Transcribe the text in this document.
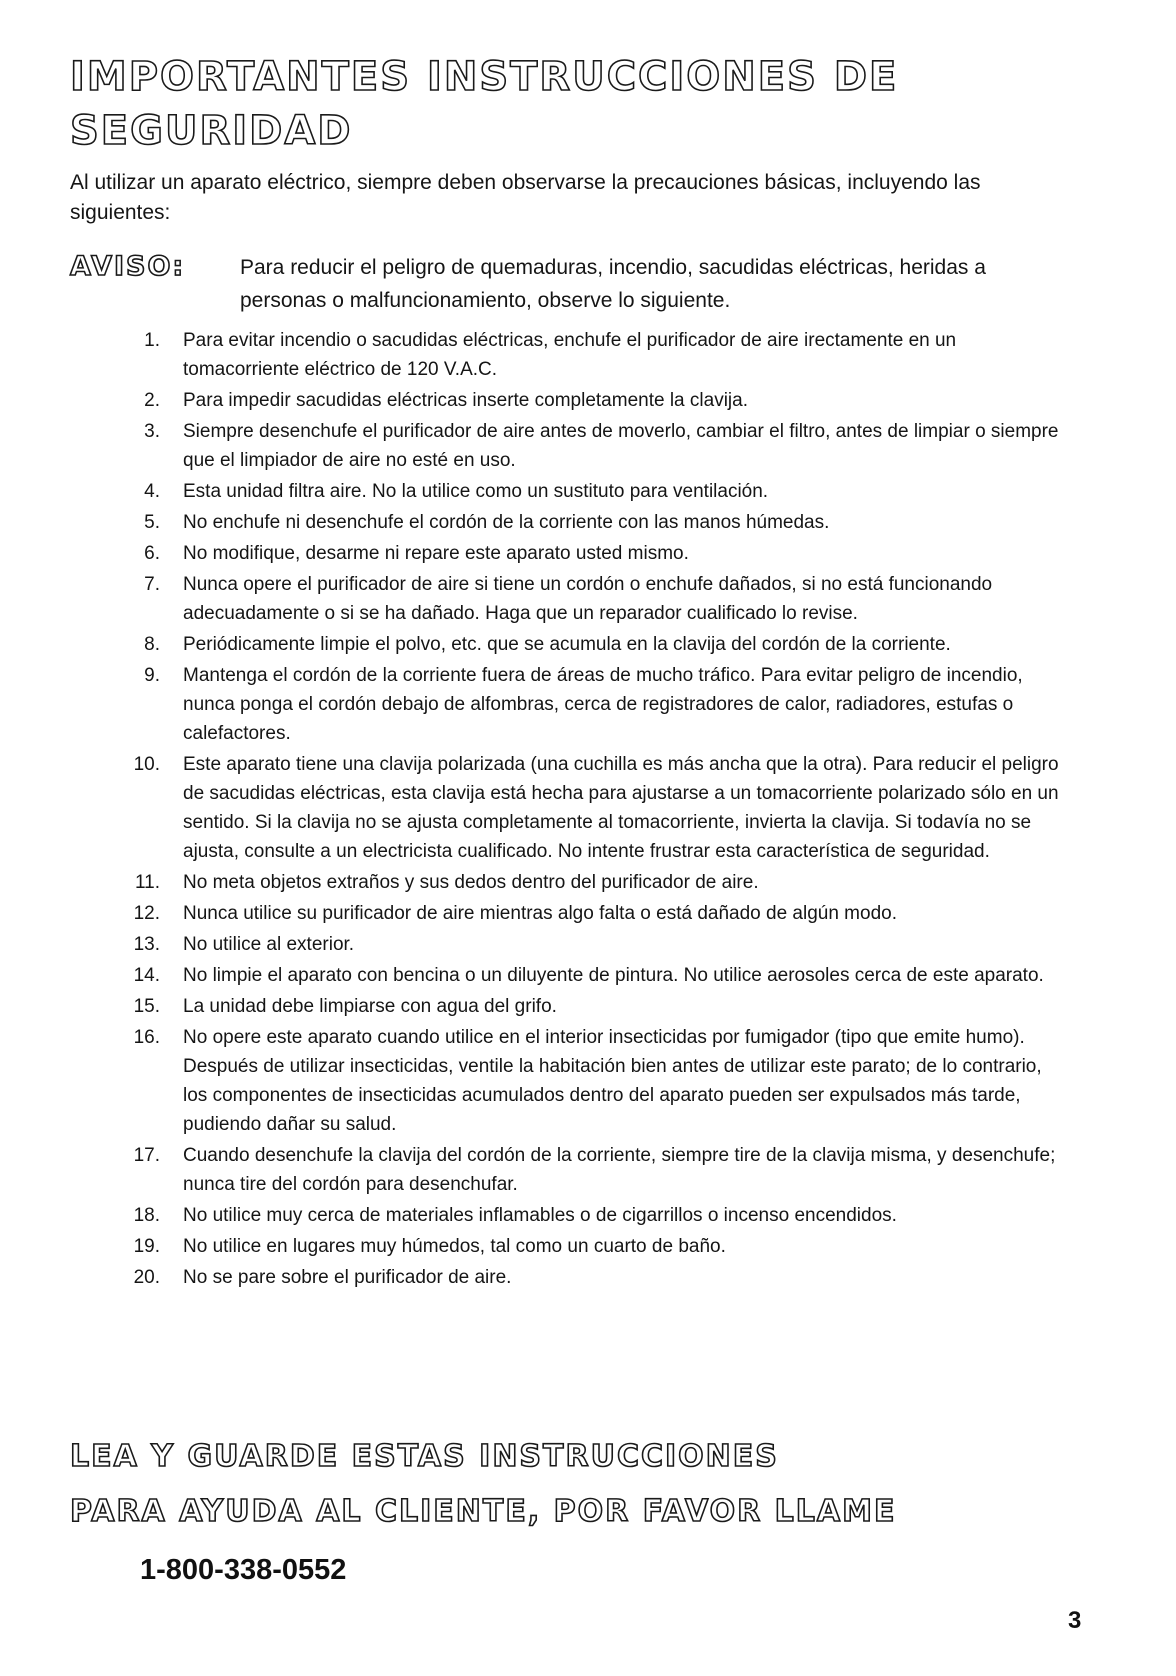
IMPORTANTES INSTRUCCIONES DE SEGURIDAD

Al utilizar un aparato eléctrico, siempre deben observarse la precauciones básicas, incluyendo las siguientes:

AVISO:	Para reducir el peligro de quemaduras, incendio, sacudidas eléctricas, heridas a personas o malfuncionamiento, observe lo siguiente.

1. Para evitar incendio o sacudidas eléctricas, enchufe el purificador de aire irectamente en un tomacorriente eléctrico de 120 V.A.C.
2. Para impedir sacudidas eléctricas inserte completamente la clavija.
3. Siempre desenchufe el purificador de aire antes de moverlo, cambiar el filtro, antes de limpiar o siempre que el limpiador de aire no esté en uso.
4. Esta unidad filtra aire. No la utilice como un sustituto para ventilación.
5. No enchufe ni desenchufe el cordón de la corriente con las manos húmedas.
6. No modifique, desarme ni repare este aparato usted mismo.
7. Nunca opere el purificador de aire si tiene un cordón o enchufe dañados, si no está funcionando adecuadamente o si se ha dañado. Haga que un reparador cualificado lo revise.
8. Periódicamente limpie el polvo, etc. que se acumula en la clavija del cordón de la corriente.
9. Mantenga el cordón de la corriente fuera de áreas de mucho tráfico. Para evitar peligro de incendio, nunca ponga el cordón debajo de alfombras, cerca de registradores de calor, radiadores, estufas o calefactores.
10. Este aparato tiene una clavija polarizada (una cuchilla es más ancha que la otra). Para reducir el peligro de sacudidas eléctricas, esta clavija está hecha para ajustarse a un tomacorriente polarizado sólo en un sentido. Si la clavija no se ajusta completamente al tomacorriente, invierta la clavija. Si todavía no se ajusta, consulte a un electricista cualificado. No intente frustrar esta característica de seguridad.
11. No meta objetos extraños y sus dedos dentro del purificador de aire.
12. Nunca utilice su purificador de aire mientras algo falta o está dañado de algún modo.
13. No utilice al exterior.
14. No limpie el aparato con bencina o un diluyente de pintura. No utilice aerosoles cerca de este aparato.
15. La unidad debe limpiarse con agua del grifo.
16. No opere este aparato cuando utilice en el interior insecticidas por fumigador (tipo que emite humo).
Después de utilizar insecticidas, ventile la habitación bien antes de utilizar este parato; de lo contrario, los componentes de insecticidas acumulados dentro del aparato pueden ser expulsados más tarde, pudiendo dañar su salud.
17. Cuando desenchufe la clavija del cordón de la corriente, siempre tire de la clavija misma, y desenchufe; nunca tire del cordón para desenchufar.
18. No utilice muy cerca de materiales inflamables o de cigarrillos o incenso encendidos.
19. No utilice en lugares muy húmedos, tal como un cuarto de baño.
20. No se pare sobre el purificador de aire.
LEA Y GUARDE ESTAS INSTRUCCIONES
PARA AYUDA AL CLIENTE, POR FAVOR LLAME
1-800-338-0552
3
